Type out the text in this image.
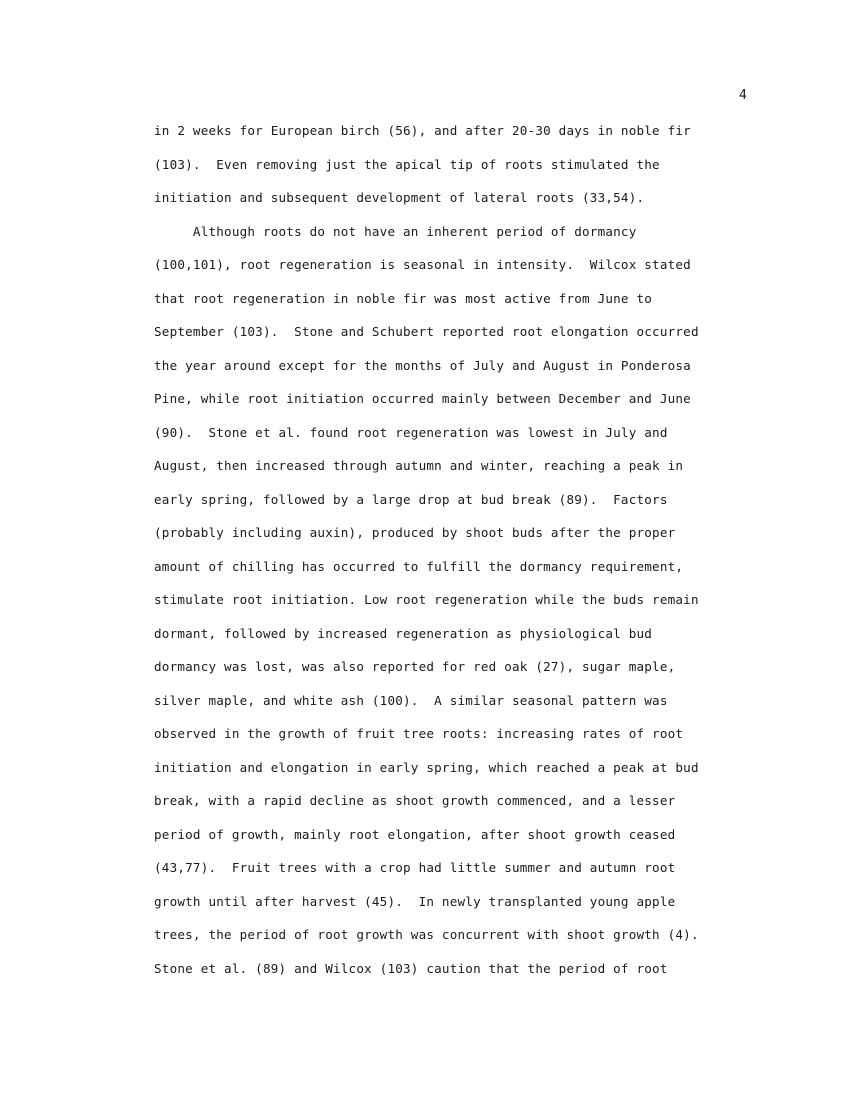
4
in 2 weeks for European birch (56), and after 20-30 days in noble fir
(103).  Even removing just the apical tip of roots stimulated the
initiation and subsequent development of lateral roots (33,54).
Although roots do not have an inherent period of dormancy
(100,101), root regeneration is seasonal in intensity.  Wilcox stated
that root regeneration in noble fir was most active from June to
September (103).  Stone and Schubert reported root elongation occurred
the year around except for the months of July and August in Ponderosa
Pine, while root initiation occurred mainly between December and June
(90).  Stone et al. found root regeneration was lowest in July and
August, then increased through autumn and winter, reaching a peak in
early spring, followed by a large drop at bud break (89).  Factors
(probably including auxin), produced by shoot buds after the proper
amount of chilling has occurred to fulfill the dormancy requirement,
stimulate root initiation. Low root regeneration while the buds remain
dormant, followed by increased regeneration as physiological bud
dormancy was lost, was also reported for red oak (27), sugar maple,
silver maple, and white ash (100).  A similar seasonal pattern was
observed in the growth of fruit tree roots: increasing rates of root
initiation and elongation in early spring, which reached a peak at bud
break, with a rapid decline as shoot growth commenced, and a lesser
period of growth, mainly root elongation, after shoot growth ceased
(43,77).  Fruit trees with a crop had little summer and autumn root
growth until after harvest (45).  In newly transplanted young apple
trees, the period of root growth was concurrent with shoot growth (4).
Stone et al. (89) and Wilcox (103) caution that the period of root
